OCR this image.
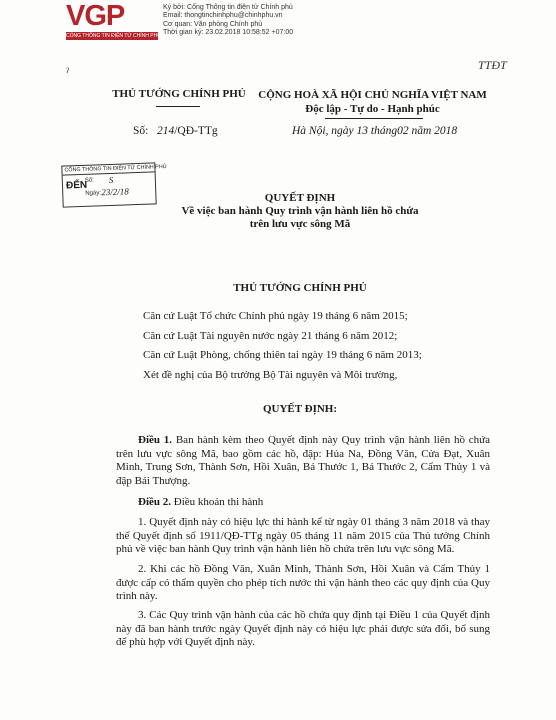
VGP
CỔNG THÔNG TIN ĐIỆN TỬ CHÍNH PHỦ
Ký bởi: Cổng Thông tin điện tử Chính phủ
Email: thongtinchinhphu@chinhphu.vn
Cơ quan: Văn phòng Chính phủ
Thời gian ký: 23.02.2018 10:58:52 +07:00
TTĐT
ˀ
THỦ TƯỚNG CHÍNH PHỦ	CỘNG HOÀ XÃ HỘI CHỦ NGHĨA VIỆT NAM
Độc lập - Tự do - Hạnh phúc
Số: 214/QĐ-TTg	Hà Nội, ngày 13 tháng02 năm 2018
CỔNG THÔNG TIN ĐIỆN TỬ CHÍNH PHỦ
ĐẾN
Số: S
Ngày: 23/2/18
QUYẾT ĐỊNH
Về việc ban hành Quy trình vận hành liên hồ chứa
trên lưu vực sông Mã
THỦ TƯỚNG CHÍNH PHỦ
Căn cứ Luật Tổ chức Chính phủ ngày 19 tháng 6 năm 2015;
Căn cứ Luật Tài nguyên nước ngày 21 tháng 6 năm 2012;
Căn cứ Luật Phòng, chống thiên tai ngày 19 tháng 6 năm 2013;
Xét đề nghị của Bộ trưởng Bộ Tài nguyên và Môi trường,
QUYẾT ĐỊNH:
Điều 1. Ban hành kèm theo Quyết định này Quy trình vận hành liên hồ chứa trên lưu vực sông Mã, bao gồm các hồ, đập: Hủa Na, Đồng Văn, Cửa Đạt, Xuân Minh, Trung Sơn, Thành Sơn, Hồi Xuân, Bá Thước 1, Bá Thước 2, Cẩm Thủy 1 và đập Bái Thượng.
Điều 2. Điều khoản thi hành
1. Quyết định này có hiệu lực thi hành kể từ ngày 01 tháng 3 năm 2018 và thay thế Quyết định số 1911/QĐ-TTg ngày 05 tháng 11 năm 2015 của Thủ tướng Chính phủ về việc ban hành Quy trình vận hành liên hồ chứa trên lưu vực sông Mã.
2. Khi các hồ Đồng Văn, Xuân Minh, Thành Sơn, Hồi Xuân và Cẩm Thủy 1 được cấp có thẩm quyền cho phép tích nước thì vận hành theo các quy định của Quy trình này.
3. Các Quy trình vận hành của các hồ chứa quy định tại Điều 1 của Quyết định này đã ban hành trước ngày Quyết định này có hiệu lực phải được sửa đổi, bổ sung để phù hợp với Quyết định này.
